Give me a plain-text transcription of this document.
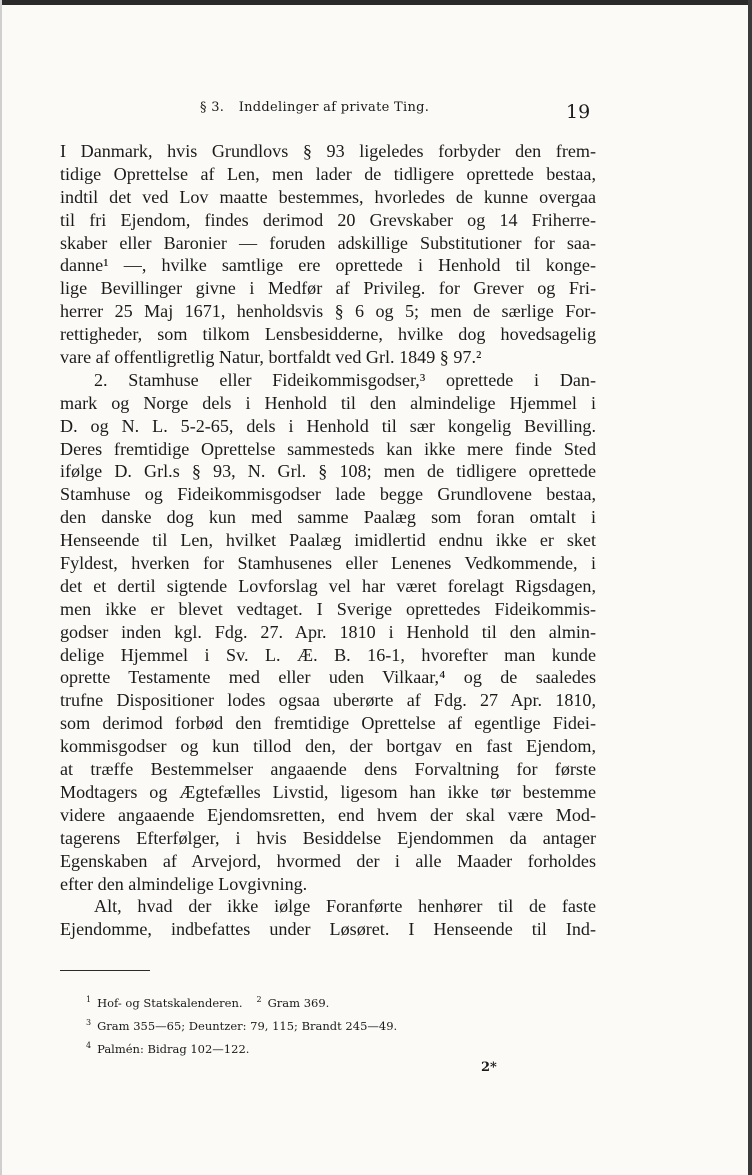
§ 3. Inddelinger af private Ting.	19
I Danmark, hvis Grundlovs § 93 ligeledes forbyder den frem-
tidige Oprettelse af Len, men lader de tidligere oprettede bestaa,
indtil det ved Lov maatte bestemmes, hvorledes de kunne overgaa
til fri Ejendom, findes derimod 20 Grevskaber og 14 Friherre-
skaber eller Baronier — foruden adskillige Substitutioner for saa-
danne¹ —, hvilke samtlige ere oprettede i Henhold til konge-
lige Bevillinger givne i Medfør af Privileg. for Grever og Fri-
herrer 25 Maj 1671, henholdsvis § 6 og 5; men de særlige For-
rettigheder, som tilkom Lensbesidderne, hvilke dog hovedsagelig
vare af offentligretlig Natur, bortfaldt ved Grl. 1849 § 97.²
2. Stamhuse eller Fideikommisgodser,³ oprettede i Dan-
mark og Norge dels i Henhold til den almindelige Hjemmel i
D. og N. L. 5-2-65, dels i Henhold til sær kongelig Bevilling.
Deres fremtidige Oprettelse sammesteds kan ikke mere finde Sted
ifølge D. Grl.s § 93, N. Grl. § 108; men de tidligere oprettede
Stamhuse og Fideikommisgodser lade begge Grundlovene bestaa,
den danske dog kun med samme Paalæg som foran omtalt i
Henseende til Len, hvilket Paalæg imidlertid endnu ikke er sket
Fyldest, hverken for Stamhusenes eller Lenenes Vedkommende, i
det et dertil sigtende Lovforslag vel har været forelagt Rigsdagen,
men ikke er blevet vedtaget. I Sverige oprettedes Fideikommis-
godser inden kgl. Fdg. 27. Apr. 1810 i Henhold til den almin-
delige Hjemmel i Sv. L. Æ. B. 16-1, hvorefter man kunde
oprette Testamente med eller uden Vilkaar,⁴ og de saaledes
trufne Dispositioner lodes ogsaa uberørte af Fdg. 27 Apr. 1810,
som derimod forbød den fremtidige Oprettelse af egentlige Fidei-
kommisgodser og kun tillod den, der bortgav en fast Ejendom,
at træffe Bestemmelser angaaende dens Forvaltning for første
Modtagers og Ægtefælles Livstid, ligesom han ikke tør bestemme
videre angaaende Ejendomsretten, end hvem der skal være Mod-
tagerens Efterfølger, i hvis Besiddelse Ejendommen da antager
Egenskaben af Arvejord, hvormed der i alle Maader forholdes
efter den almindelige Lovgivning.
Alt, hvad der ikke iølge Foranførte henhører til de faste
Ejendomme, indbefattes under Løsøret. I Henseende til Ind-
$^1$ Hof- og Statskalenderen. $^2$ Gram 369.
$^3$ Gram 355—65; Deuntzer: 79, 115; Brandt 245—49.
$^4$ Palmén: Bidrag 102—122.
2*
